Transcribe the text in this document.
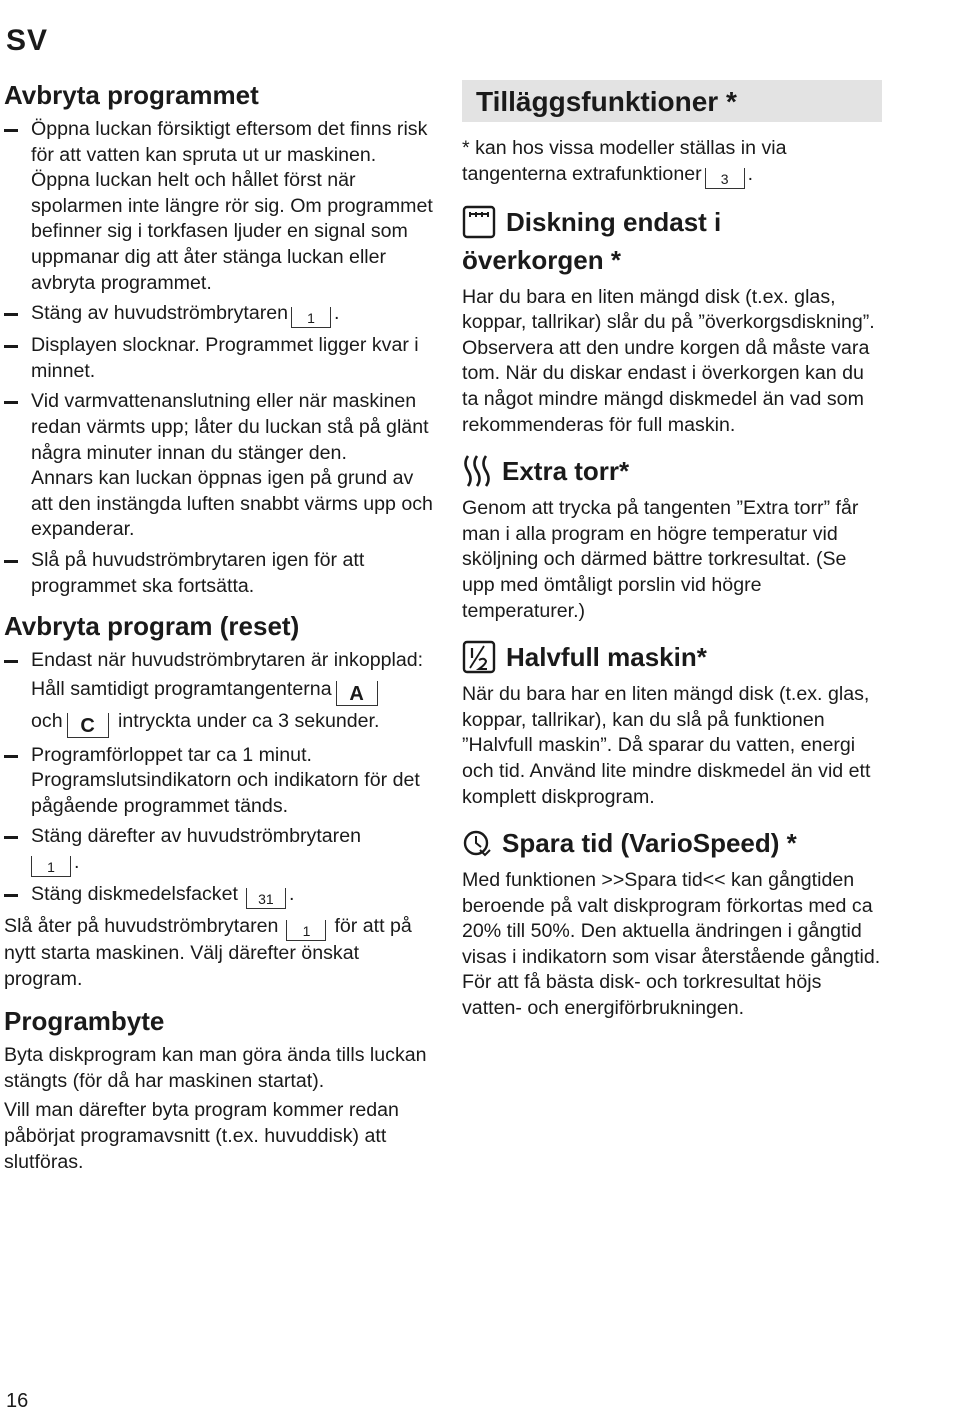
SV
Avbryta programmet
Öppna luckan försiktigt eftersom det finns risk för att vatten kan spruta ut ur maskinen. Öppna luckan helt och hållet först när spolarmen inte längre rör sig. Om programmet befinner sig i torkfasen ljuder en signal som uppmanar dig att åter stänga luckan eller avbryta programmet.
Stäng av huvudströmbrytaren 1 .
Displayen slocknar. Programmet ligger kvar i minnet.
Vid varmvattenanslutning eller när maskinen redan värmts upp; låter du luckan stå på glänt några minuter innan du stänger den.
Annars kan luckan öppnas igen på grund av att den instängda luften snabbt värms upp och expanderar.
Slå på huvudströmbrytaren igen för att programmet ska fortsätta.
Avbryta program (reset)
Endast när huvudströmbrytaren är inkopplad:
Håll samtidigt programtangenterna A
och C intryckta under ca 3 sekunder.
Programförloppet tar ca 1 minut.
Programslutsindikatorn och indikatorn för det pågående programmet tänds.
Stäng därefter av huvudströmbrytaren
1 .
Stäng diskmedelsfacket 31 .
Slå åter på huvudströmbrytaren 1 för att på nytt starta maskinen. Välj därefter önskat program.
Programbyte
Byta diskprogram kan man göra ända tills luckan stängts (för då har maskinen startat).
Vill man därefter byta program kommer redan påbörjat programavsnitt (t.ex. huvuddisk) att slutföras.
Tilläggsfunktioner *
* kan hos vissa modeller ställas in via tangenterna extrafunktioner 3 .
Diskning endast i
överkorgen *
Har du bara en liten mängd disk (t.ex. glas, koppar, tallrikar) slår du på ”överkorgsdiskning”. Observera att den undre korgen då måste vara tom. När du diskar endast i överkorgen kan du ta något mindre mängd diskmedel än vad som rekommenderas för full maskin.
Extra torr*
Genom att trycka på tangenten ”Extra torr” får man i alla program en högre temperatur vid sköljning och därmed bättre torkresultat. (Se upp med ömtåligt porslin vid högre temperaturer.)
Halvfull maskin*
När du bara har en liten mängd disk (t.ex. glas, koppar, tallrikar), kan du slå på funktionen ”Halvfull maskin”. Då sparar du vatten, energi och tid. Använd lite mindre diskmedel än vid ett komplett diskprogram.
Spara tid (VarioSpeed) *
Med funktionen >>Spara tid<< kan gångtiden beroende på valt diskprogram förkortas med ca 20% till 50%. Den aktuella ändringen i gångtid visas i indikatorn som visar återstående gångtid. För att få bästa disk- och torkresultat höjs vatten- och energiförbrukningen.
16
